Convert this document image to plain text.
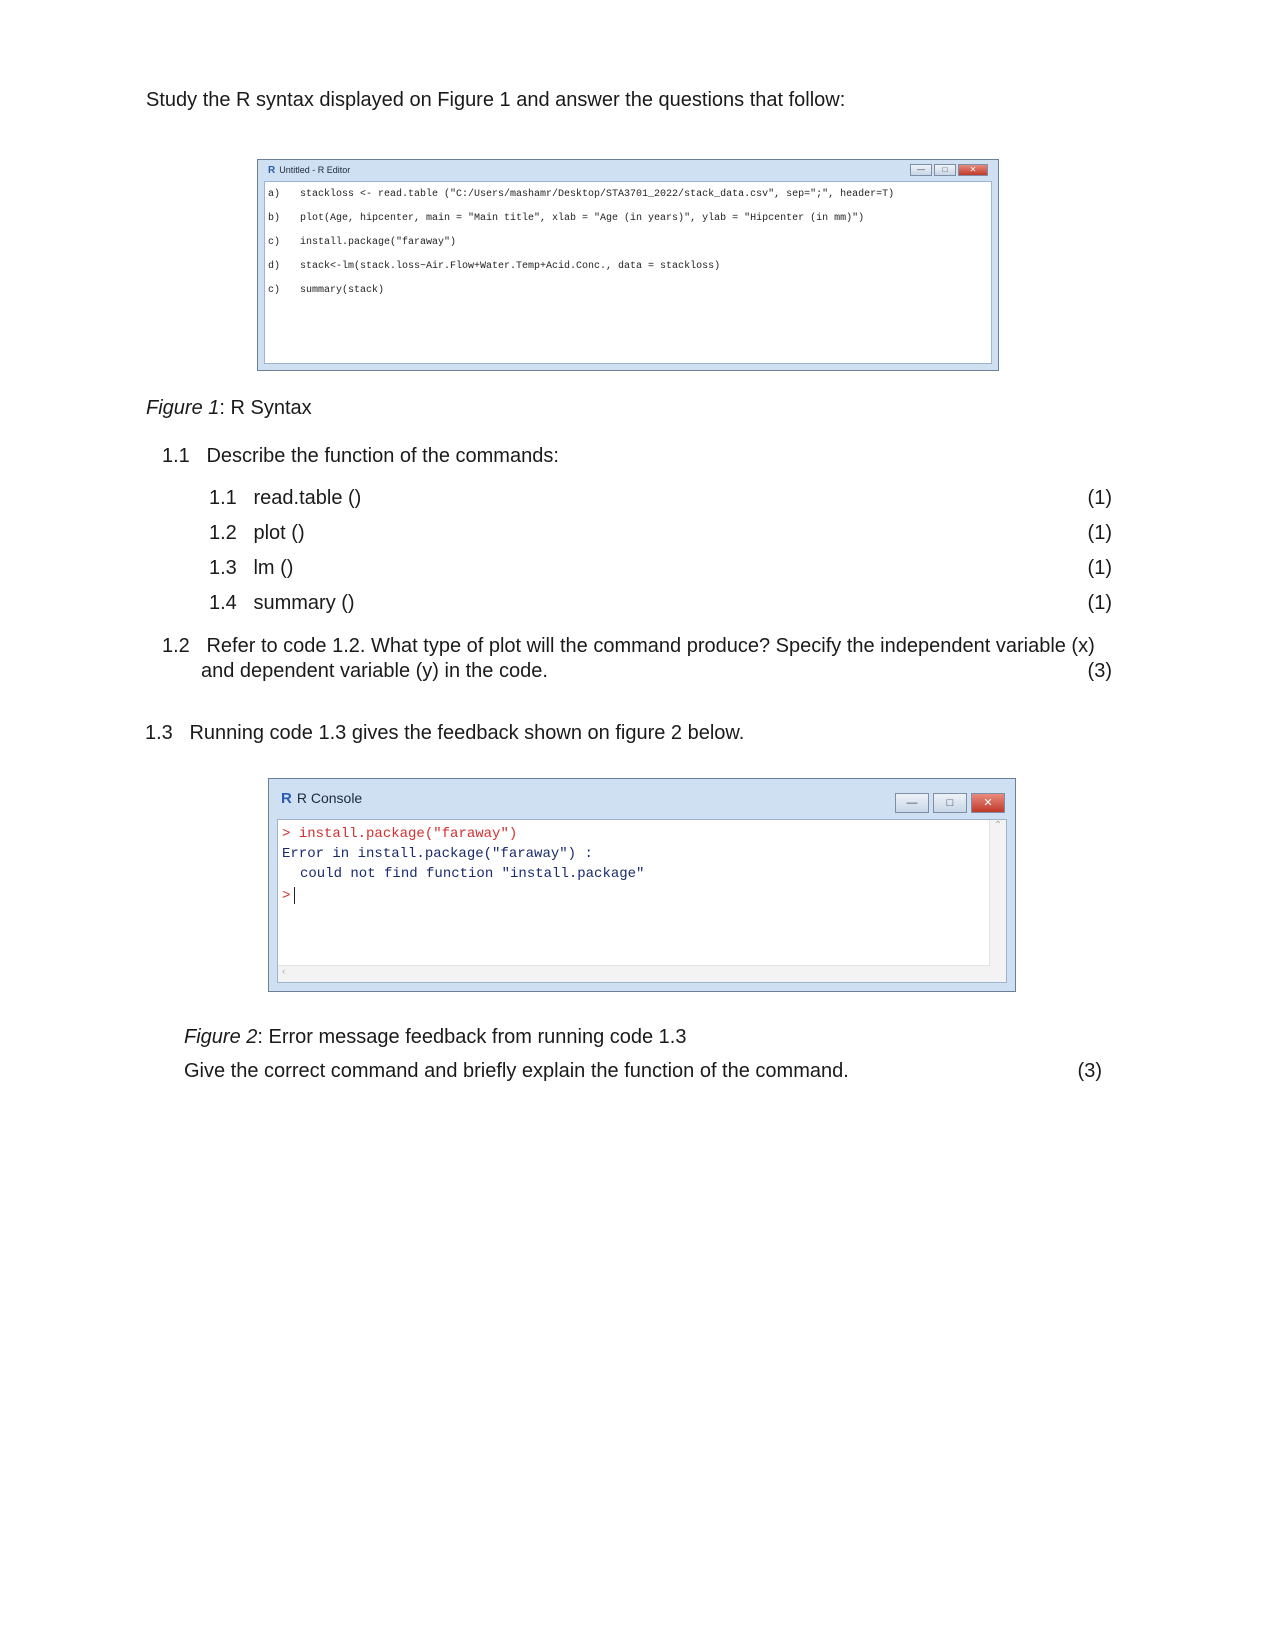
Study the R syntax displayed on Figure 1 and answer the questions that follow:
R Untitled - R Editor	—	□	✕
a) stackloss <- read.table ("C:/Users/mashamr/Desktop/STA3701_2022/stack_data.csv", sep=";", header=T)
b) plot(Age, hipcenter, main = "Main title", xlab = "Age (in years)", ylab = "Hipcenter (in mm)")
c) install.package("faraway")
d) stack<-lm(stack.loss~Air.Flow+Water.Temp+Acid.Conc., data = stackloss)
c) summary(stack)
Figure 1: R Syntax
1.1 Describe the function of the commands:
1.1 read.table ()	(1)
1.2 plot ()	(1)
1.3 lm ()	(1)
1.4 summary ()	(1)
1.2 Refer to code 1.2. What type of plot will the command produce? Specify the independent variable (x)
and dependent variable (y) in the code.	(3)
1.3 Running code 1.3 gives the feedback shown on figure 2 below.
R R Console	—	□	✕
> install.package("faraway")
Error in install.package("faraway") :
could not find function "install.package"
>
⌃
‹
Figure 2: Error message feedback from running code 1.3
Give the correct command and briefly explain the function of the command.	(3)
